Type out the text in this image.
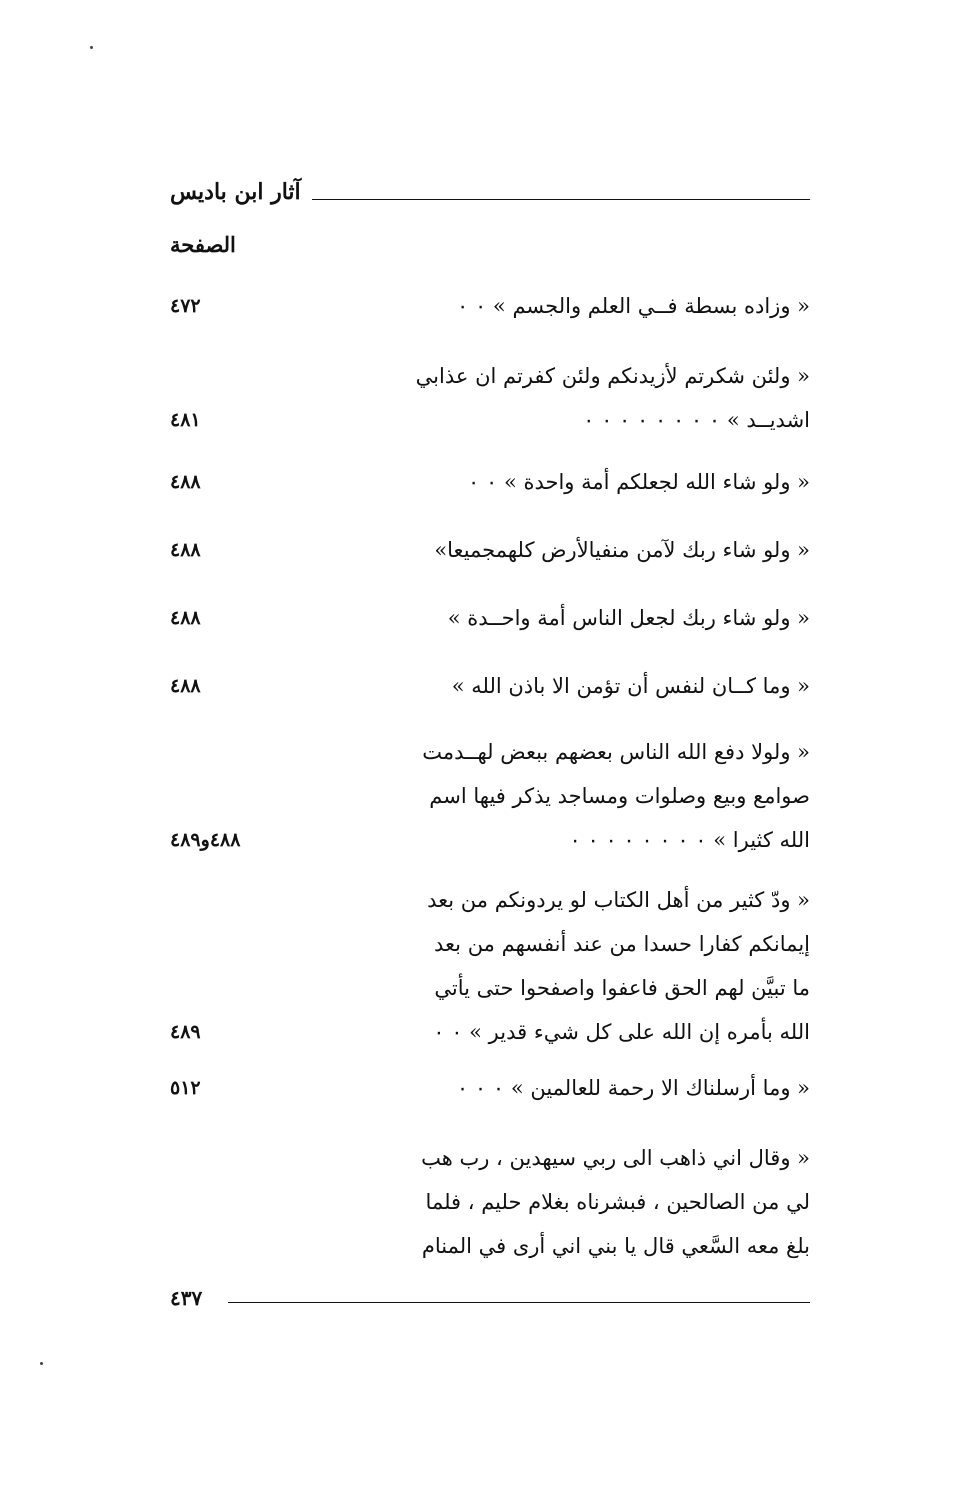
آثار ابن باديس
الصفحة
« وزاده بسطة فــي العلم والجسم » ٠ ٠
٤٧٢
« ولئن شكرتم لأزيدنكم ولئن كفرتم ان عذابي
اشديــد » ٠ ٠ ٠ ٠ ٠ ٠ ٠ ٠
٤٨١
« ولو شاء الله لجعلكم أمة واحدة » ٠ ٠
٤٨٨
« ولو شاء ربك لآمن منفيالأرض كلهمجميعا»
٤٨٨
« ولو شاء ربك لجعل الناس أمة واحــدة »
٤٨٨
« وما كــان لنفس أن تؤمن الا باذن الله »
٤٨٨
« ولولا دفع الله الناس بعضهم ببعض لهــدمت
صوامع وبيع وصلوات ومساجد يذكر فيها اسم
الله كثيرا » ٠ ٠ ٠ ٠ ٠ ٠ ٠ ٠
٤٨٨و٤٨٩
« ودّ كثير من أهل الكتاب لو يردونكم من بعد
إيمانكم كفارا حسدا من عند أنفسهم من بعد
ما تبيَّن لهم الحق فاعفوا واصفحوا حتى يأتي
الله بأمره إن الله على كل شيء قدير » ٠ ٠
٤٨٩
« وما أرسلناك الا رحمة للعالمين » ٠ ٠ ٠
٥١٢
« وقال اني ذاهب الى ربي سيهدين ، رب هب
لي من الصالحين ، فبشرناه بغلام حليم ، فلما
بلغ معه السَّعي قال يا بني اني أرى في المنام
٤٣٧
